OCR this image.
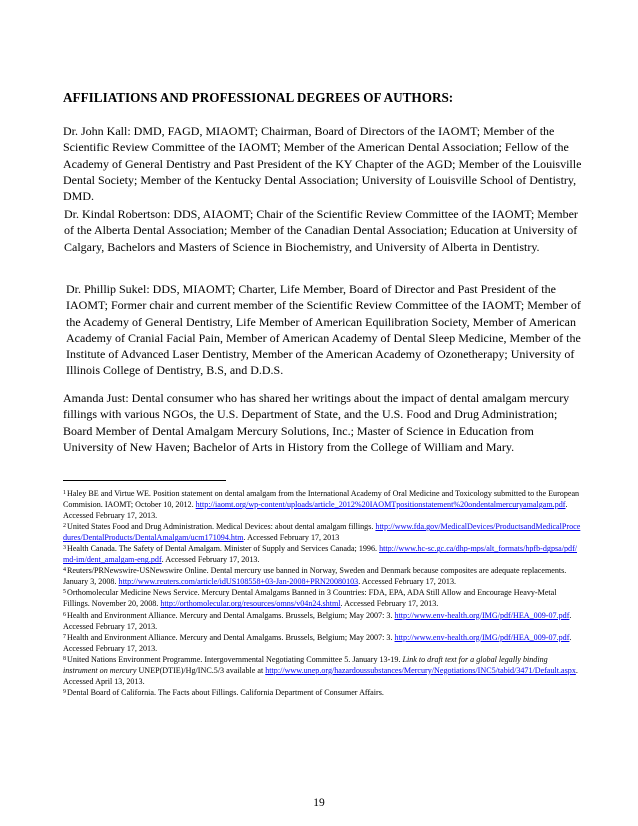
AFFILIATIONS AND PROFESSIONAL DEGREES OF AUTHORS:

Dr. John Kall: DMD, FAGD, MIAOMT; Chairman, Board of Directors of the IAOMT; Member of the Scientific Review Committee of the IAOMT; Member of the American Dental Association; Fellow of the Academy of General Dentistry and Past President of the KY Chapter of the AGD; Member of the Louisville Dental Society; Member of the Kentucky Dental Association; University of Louisville School of Dentistry, DMD.

Dr. Kindal Robertson: DDS, AIAOMT; Chair of the Scientific Review Committee of the IAOMT; Member of the Alberta Dental Association; Member of the Canadian Dental Association; Education at University of Calgary, Bachelors and Masters of Science in Biochemistry, and University of Alberta in Dentistry.

Dr. Phillip Sukel: DDS, MIAOMT; Charter, Life Member, Board of Director and Past President of the IAOMT; Former chair and current member of the Scientific Review Committee of the IAOMT; Member of the Academy of General Dentistry, Life Member of American Equilibration Society, Member of American Academy of Cranial Facial Pain, Member of American Academy of Dental Sleep Medicine, Member of the Institute of Advanced Laser Dentistry, Member of the American Academy of Ozonetherapy; University of Illinois College of Dentistry, B.S, and D.D.S.

Amanda Just: Dental consumer who has shared her writings about the impact of dental amalgam mercury fillings with various NGOs, the U.S. Department of State, and the U.S. Food and Drug Administration; Board Member of Dental Amalgam Mercury Solutions, Inc.; Master of Science in Education from University of New Haven; Bachelor of Arts in History from the College of William and Mary.

$^1$Haley BE and Virtue WE. Position statement on dental amalgam from the International Academy of Oral Medicine and Toxicology submitted to the European Commision. IAOMT; October 10, 2012. http://iaomt.org/wp-content/uploads/article_2012%20IAOMTpositionstatement%20ondentalmercuryamalgam.pdf. Accessed February 17, 2013.

$^2$United States Food and Drug Administration. Medical Devices: about dental amalgam fillings. http://www.fda.gov/MedicalDevices/ProductsandMedicalProcedures/DentalProducts/DentalAmalgam/ucm171094.htm. Accessed February 17, 2013

$^3$Health Canada. The Safety of Dental Amalgam. Minister of Supply and Services Canada; 1996. http://www.hc-sc.gc.ca/dhp-mps/alt_formats/hpfb-dgpsa/pdf/md-im/dent_amalgam-eng.pdf. Accessed February 17, 2013.

$^4$Reuters/PRNewswire-USNewswire Online. Dental mercury use banned in Norway, Sweden and Denmark because composites are adequate replacements. January 3, 2008. http://www.reuters.com/article/idUS108558+03-Jan-2008+PRN20080103. Accessed February 17, 2013.

$^5$Orthomolecular Medicine News Service. Mercury Dental Amalgams Banned in 3 Countries: FDA, EPA, ADA Still Allow and Encourage Heavy-Metal Fillings. November 20, 2008. http://orthomolecular.org/resources/omns/v04n24.shtml. Accessed February 17, 2013.

$^6$Health and Environment Alliance. Mercury and Dental Amalgams. Brussels, Belgium; May 2007: 3. http://www.env-health.org/IMG/pdf/HEA_009-07.pdf. Accessed February 17, 2013.

$^7$Health and Environment Alliance. Mercury and Dental Amalgams. Brussels, Belgium; May 2007: 3. http://www.env-health.org/IMG/pdf/HEA_009-07.pdf. Accessed February 17, 2013.

$^8$United Nations Environment Programme. Intergovernmental Negotiating Committee 5. January 13-19. Link to draft text for a global legally binding instrument on mercury UNEP(DTIE)/Hg/INC.5/3 available at http://www.unep.org/hazardoussubstances/Mercury/Negotiations/INC5/tabid/3471/Default.aspx. Accessed April 13, 2013.

$^9$Dental Board of California. The Facts about Fillings. California Department of Consumer Affairs.

19
